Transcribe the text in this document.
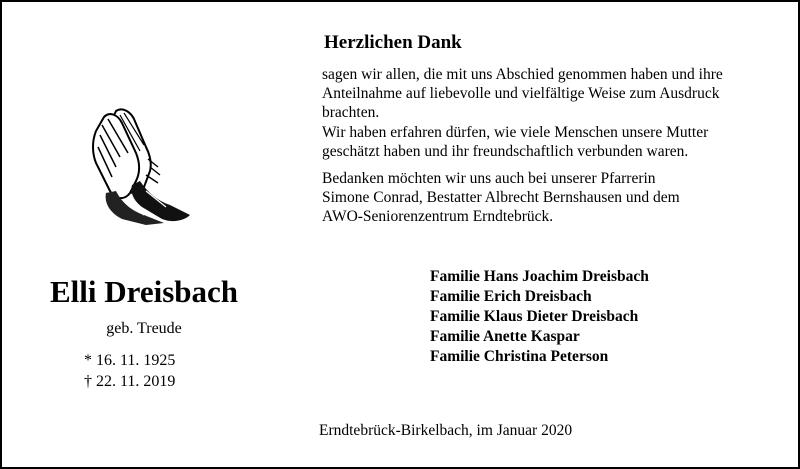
Herzlichen Dank
sagen wir allen, die mit uns Abschied genommen haben und ihre
Anteilnahme auf liebevolle und vielfältige Weise zum Ausdruck
brachten.
Wir haben erfahren dürfen, wie viele Menschen unsere Mutter
geschätzt haben und ihr freundschaftlich verbunden waren.
Bedanken möchten wir uns auch bei unserer Pfarrerin
Simone Conrad, Bestatter Albrecht Bernshausen und dem
AWO-Seniorenzentrum Erndtebrück.
Elli Dreisbach
geb. Treude
* 16. 11. 1925
† 22. 11. 2019
Familie Hans Joachim Dreisbach
Familie Erich Dreisbach
Familie Klaus Dieter Dreisbach
Familie Anette Kaspar
Familie Christina Peterson
Erndtebrück-Birkelbach, im Januar 2020
